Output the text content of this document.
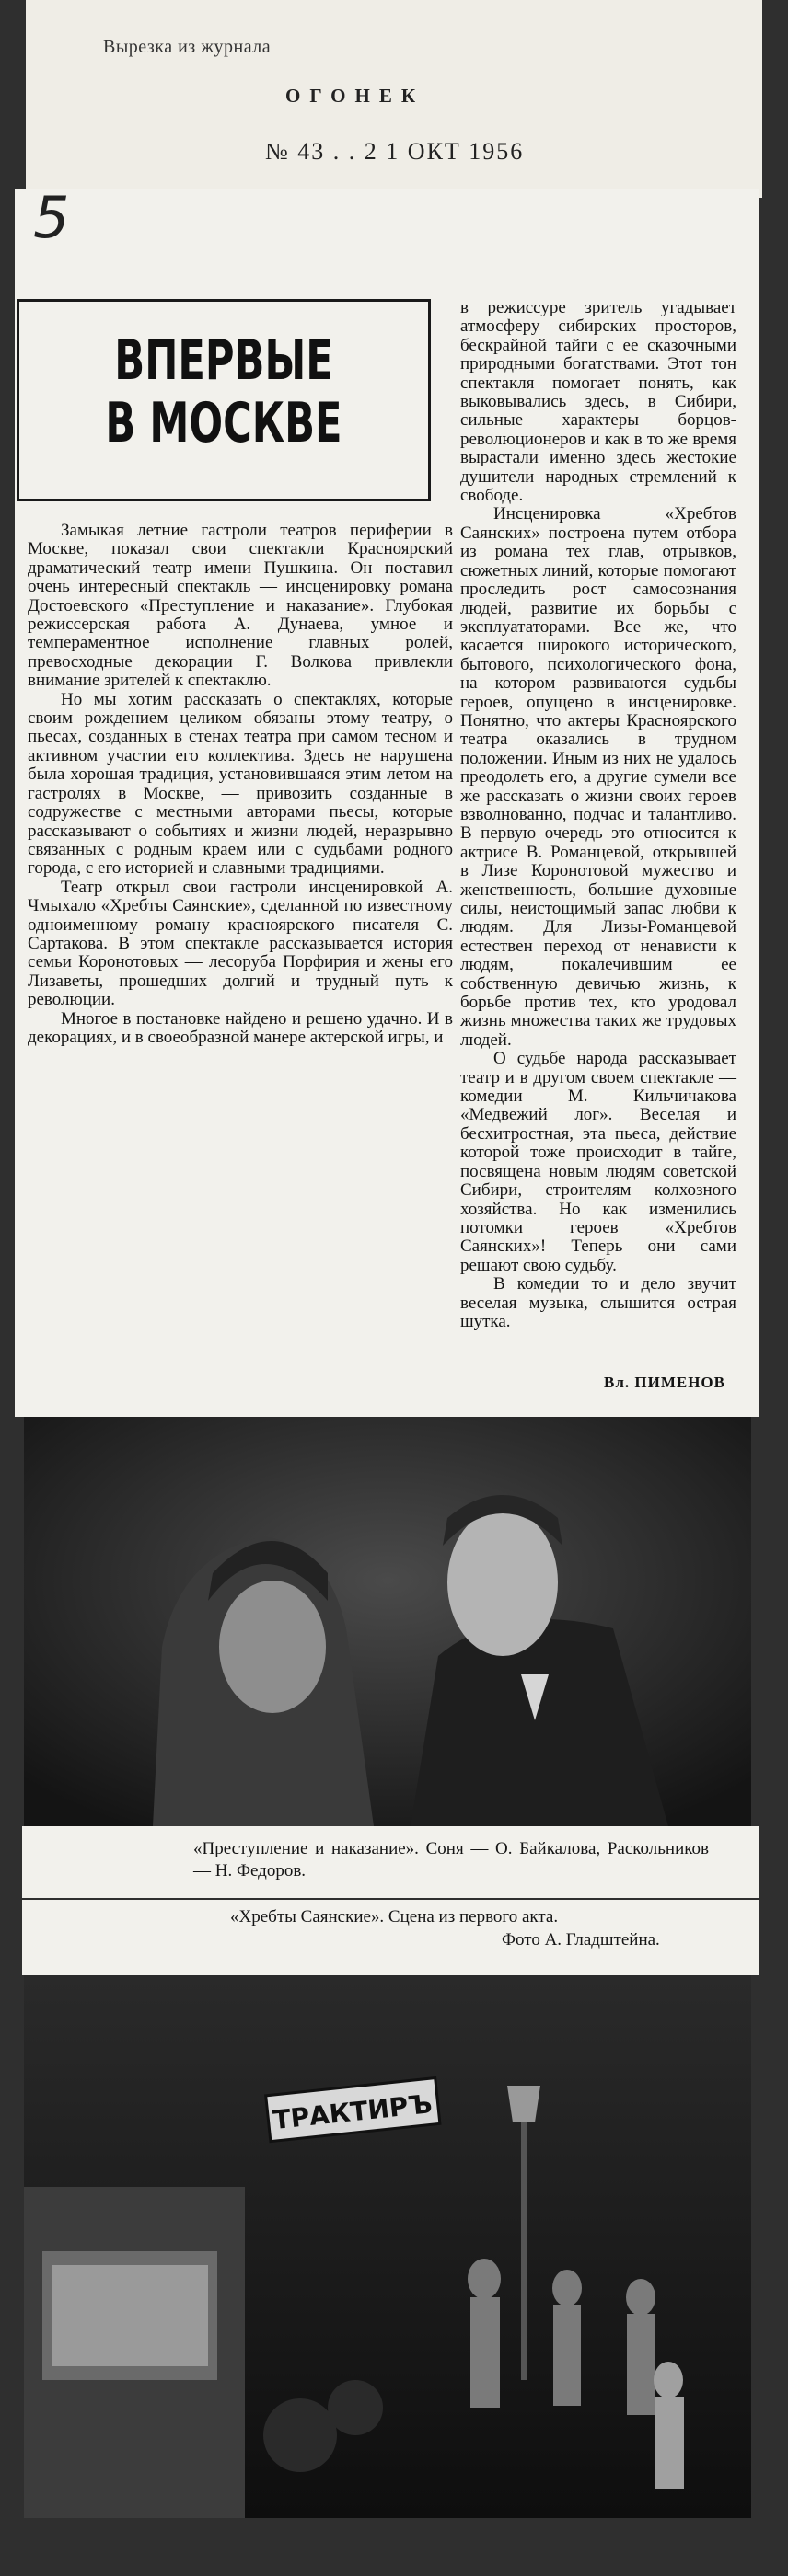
Вырезка из журнала
ОГОНЕК
№ 43 . . 2 1 ОКТ 1956
ВПЕРВЫЕ
В МОСКВЕ

Замыкая летние гастроли театров периферии в Москве, показал свои спектакли Красноярский драматический театр имени Пушкина. Он поставил очень интересный спектакль — инсценировку романа Достоевского «Преступление и наказание». Глубокая режиссерская работа А. Дунаева, умное и темпераментное исполнение главных ролей, превосходные декорации Г. Волкова привлекли внимание зрителей к спектаклю.

Но мы хотим рассказать о спектаклях, которые своим рождением целиком обязаны этому театру, о пьесах, созданных в стенах театра при самом тесном и активном участии его коллектива. Здесь не нарушена была хорошая традиция, установившаяся этим летом на гастролях в Москве, — привозить созданные в содружестве с местными авторами пьесы, которые рассказывают о событиях и жизни людей, неразрывно связанных с родным краем или с судьбами родного города, с его историей и славными традициями.

Театр открыл свои гастроли инсценировкой А. Чмыхало «Хребты Саянские», сделанной по известному одноименному роману красноярского писателя С. Сартакова. В этом спектакле рассказывается история семьи Коронотовых — лесоруба Порфирия и жены его Лизаветы, прошедших долгий и трудный путь к революции.

Многое в постановке найдено и решено удачно. И в декорациях, и в своеобразной манере актерской игры, и

в режиссуре зритель угадывает атмосферу сибирских просторов, бескрайной тайги с ее сказочными природными богатствами. Этот тон спектакля помогает понять, как выковывались здесь, в Сибири, сильные характеры борцов-революционеров и как в то же время вырастали именно здесь жестокие душители народных стремлений к свободе.

Инсценировка «Хребтов Саянских» построена путем отбора из романа тех глав, отрывков, сюжетных линий, которые помогают проследить рост самосознания людей, развитие их борьбы с эксплуататорами. Все же, что касается широкого исторического, бытового, психологического фона, на котором развиваются судьбы героев, опущено в инсценировке. Понятно, что актеры Красноярского театра оказались в трудном положении. Иным из них не удалось преодолеть его, а другие сумели все же рассказать о жизни своих героев взволнованно, подчас и талантливо. В первую очередь это относится к актрисе В. Романцевой, открывшей в Лизе Коронотовой мужество и женственность, большие духовные силы, неистощимый запас любви к людям. Для Лизы-Романцевой естествен переход от ненависти к людям, покалечившим ее собственную девичью жизнь, к борьбе против тех, кто уродовал жизнь множества таких же трудовых людей.

О судьбе народа рассказывает театр и в другом своем спектакле — комедии М. Кильчичакова «Медвежий лог». Веселая и бесхитростная, эта пьеса, действие которой тоже происходит в тайге, посвящена новым людям советской Сибири, строителям колхозного хозяйства. Но как изменились потомки героев «Хребтов Саянских»! Теперь они сами решают свою судьбу.

В комедии то и дело звучит веселая музыка, слышится острая шутка.

Вл. ПИМЕНОВ
5
«Преступление и наказание». Соня — О. Байкалова, Раскольников — Н. Федоров.
«Хребты Саянские». Сцена из первого акта.
Фото А. Гладштейна.
ТРАКТИРЪ
